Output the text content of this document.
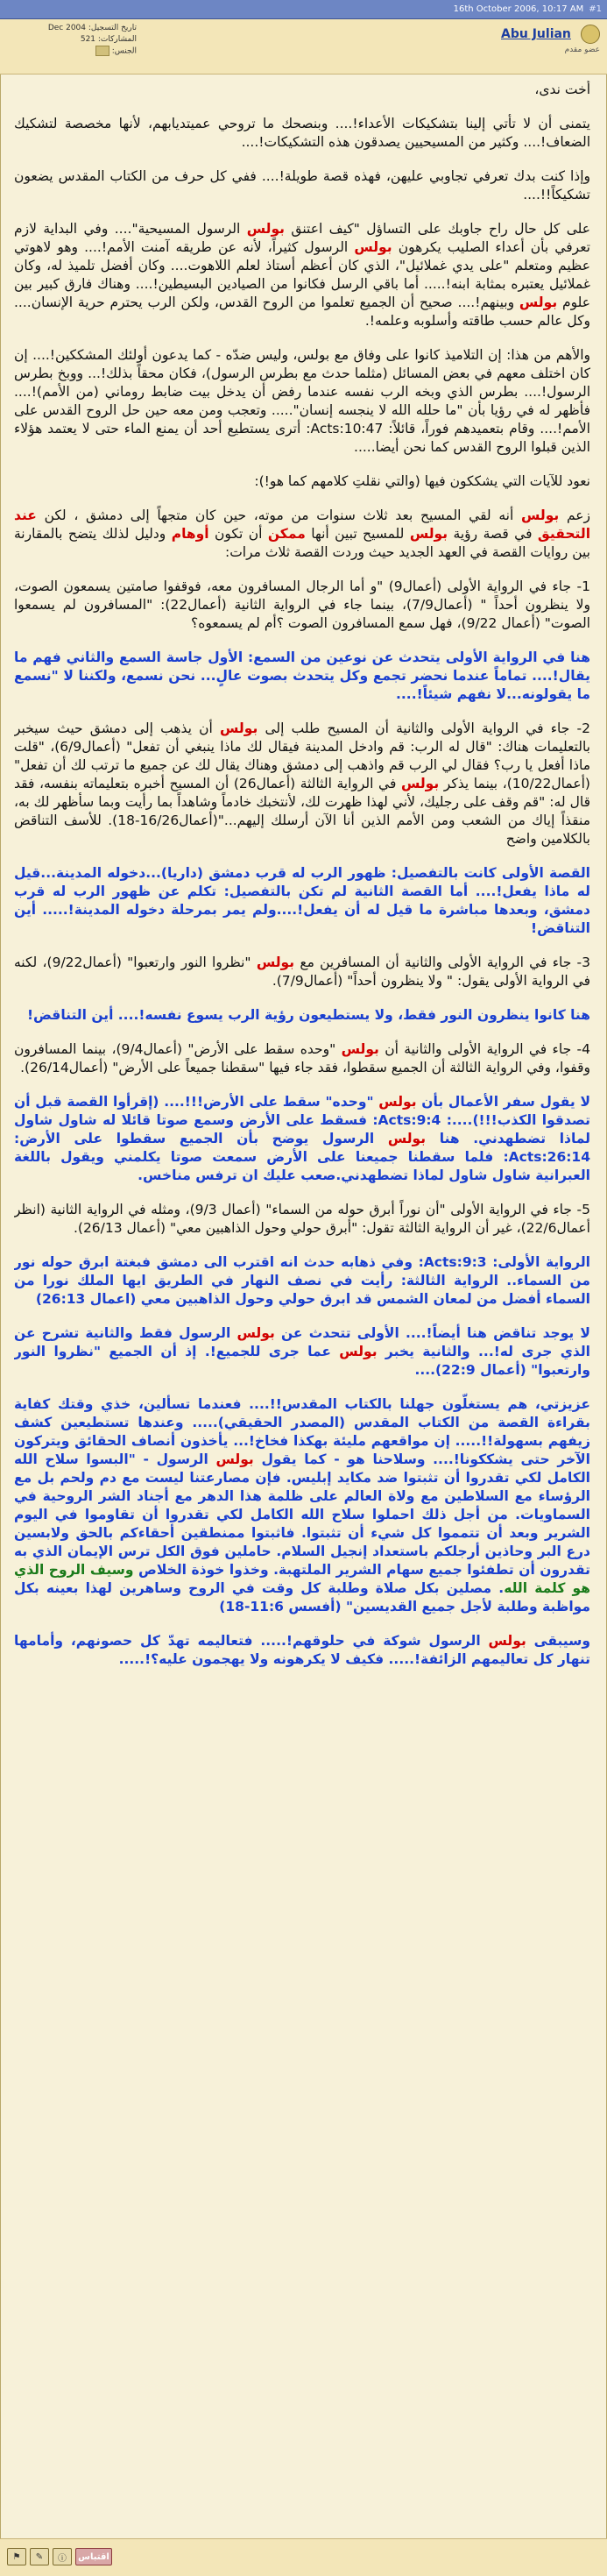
16th October 2006, 10:17 AM #1
تاريخ التسجيل: Dec 2004
المشاركات: 521
الجنس:
Abu Julian
عضو مقدم

أخت ندى،

يتمنى أن لا تأتي إلينا بتشكيكات الأعداء!.... وبنصحك ما تروحي عميتديابهم، لأنها مخصصة لتشكيك الضعاف!.... وكثير من المسيحيين يصدقون هذه التشكيكات!....

وإذا كنت بدك تعرفي تجاوبي عليهن، فهذه قصة طويلة!.... ففي كل حرف من الكتاب المقدس يضعون تشكيكاً!!....

على كل حال راح جاوبك على التساؤل "كيف اعتنق بولس الرسول المسيحية".... وفي البداية لازم تعرفي بأن أعداء الصليب يكرهون بولس الرسول كثيراً، لأنه عن طريقه آمنت الأمم!.... وهو لاهوتي عظيم ومتعلم "على يدي غملائيل"، الذي كان أعظم أستاذ لعلم اللاهوت.... وكان أفضل تلميذ له، وكان غملائيل يعتبره بمثابة ابنه!..... أما باقي الرسل فكانوا من الصيادين البسيطين!.... وهناك فارق كبير بين علوم بولس وبينهم!.... صحيح أن الجميع تعلموا من الروح القدس، ولكن الرب يحترم حرية الإنسان.... وكل عالم حسب طاقته وأسلوبه وعلمه!.

والأهم من هذا: إن التلاميذ كانوا على وفاق مع بولس، وليس ضدّه - كما يدعون أولئك المشككين!.... إن كان اختلف معهم في بعض المسائل (مثلما حدث مع بطرس الرسول)، فكان محقاً بذلك!... ووبخ بطرس الرسول!.... بطرس الذي وبخه الرب نفسه عندما رفض أن يدخل بيت ضابط روماني (من الأمم)!.... فأظهر له في رؤيا بأن "ما حلله الله لا ينجسه إنسان"..... وتعجب ومن معه حين حل الروح القدس على الأمم!.... وقام بتعميدهم فوراً، قائلاً: Acts:10:47: أترى يستطيع أحد أن يمنع الماء حتى لا يعتمد هؤلاء الذين قبلوا الروح القدس كما نحن أيضا.....

نعود للآيات التي يشككون فيها (والتي نقلتِ كلامهم كما هو!):

زعم بولس أنه لقي المسيح بعد ثلاث سنوات من موته، حين كان متجهاً إلى دمشق ، لكن عند التحقيق في قصة رؤية بولس للمسيح تبين أنها ممكن أن تكون أوهام ودليل لذلك يتضح بالمقارنة بين روايات القصة في العهد الجديد حيث وردت القصة ثلاث مرات:

1- جاء في الرواية الأولى (أعمال9) "و أما الرجال المسافرون معه، فوقفوا صامتين يسمعون الصوت، ولا ينظرون أحداً " (أعمال7/9)، بينما جاء في الرواية الثانية (أعمال22): "المسافرون لم يسمعوا الصوت" (أعمال 9/22)، فهل سمع المسافرون الصوت ؟أم لم يسمعوه؟

هنا في الرواية الأولى يتحدث عن نوعين من السمع: الأول جاسة السمع والثاني فهم ما يقال!.... تماماً عندما نحضر تجمع وكل يتحدث بصوت عالٍ... نحن نسمع، ولكننا لا "نسمع ما يقولونه...لا نفهم شيئاً!....

2- جاء في الرواية الأولى والثانية أن المسيح طلب إلى بولس أن يذهب إلى دمشق حيث سيخبر بالتعليمات هناك: "قال له الرب: قم وادخل المدينة فيقال لك ماذا ينبغي أن تفعل" (أعمال6/9)، "قلت ماذا أفعل يا رب؟ فقال لي الرب قم واذهب إلى دمشق وهناك يقال لك عن جميع ما ترتب لك أن تفعل" (أعمال10/22)، بينما يذكر بولس في الرواية الثالثة (أعمال26) أن المسيح أخبره بتعليماته بنفسه، فقد قال له: "قم وقف على رجليك، لأني لهذا ظهرت لك، لأنتخبك خادماً وشاهداً بما رأيت وبما سأظهر لك به، منقذاً إياك من الشعب ومن الأمم الذين أنا الآن أرسلك إليهم..."(أعمال16/26-18). للأسف التناقض بالكلامين واضح

القصة الأولى كانت بالتفصيل: ظهور الرب له قرب دمشق (داريا)...دخوله المدينة...قيل له ماذا يفعل!.... أما القصة الثانية لم تكن بالتفصيل: تكلم عن ظهور الرب له قرب دمشق، وبعدها مباشرة ما قيل له أن يفعل!....ولم يمر بمرحلة دخوله المدينة!..... أين التناقض!

3- جاء في الرواية الأولى والثانية أن المسافرين مع بولس "نظروا النور وارتعبوا" (أعمال9/22)، لكنه في الرواية الأولى يقول: " ولا ينظرون أحداً" (أعمال7/9).

هنا كانوا ينظرون النور فقط، ولا يستطيعون رؤية الرب يسوع نفسه!.... أين التناقض!

4- جاء في الرواية الأولى والثانية أن بولس "وحده سقط على الأرض" (أعمال9/4)، بينما المسافرون وقفوا، وفي الرواية الثالثة أن الجميع سقطوا، فقد جاء فيها "سقطنا جميعاً على الأرض" (أعمال26/14).

لا يقول سفر الأعمال بأن بولس "وحده" سقط على الأرض!!!.... (إقرأوا القصة قبل أن تصدقوا الكذب!!!)....: Acts:9:4: فسقط على الأرض وسمع صوتا قائلا له شاول شاول لماذا تضطهدني. هنا بولس الرسول يوضح بأن الجميع سقطوا على الأرض: Acts:26:14: فلما سقطنا جميعنا على الأرض سمعت صوتا يكلمني ويقول باللغة العبرانية شاول شاول لماذا تضطهدني.صعب عليك ان ترفس مناخس.

5- جاء في الرواية الأولى "أن نوراً أبرق حوله من السماء" (أعمال 9/3)، ومثله في الرواية الثانية (انظر أعمال22/6)، غير أن الرواية الثالثة تقول: "أبرق حولي وحول الذاهبين معي" (أعمال 26/13).

الرواية الأولى: Acts:9:3: وفي ذهابه حدث انه اقترب الى دمشق فبغتة ابرق حوله نور من السماء.. الرواية الثالثة: رأيت في نصف النهار في الطريق ايها الملك نورا من السماء أفضل من لمعان الشمس قد ابرق حولي وحول الذاهبين معي (اعمال 26:13)

لا يوجد تناقض هنا أيضاً!.... الأولى تتحدث عن بولس الرسول فقط والثانية تشرح عن الذي جرى له!... والثانية يخبر بولس عما جرى للجميع!. إذ أن الجميع "نظروا النور وارتعبوا" (أعمال 22:9)....

عزيزتي، هم يستغلّون جهلنا بالكتاب المقدس!!.... فعندما تسألين، خذي وقتك كفاية بقراءة القصة من الكتاب المقدس (المصدر الحقيقي)..... وعندها تستطيعين كشف زيفهم بسهولة!!..... إن مواقعهم مليئة بهكذا فخاخ!... يأخذون أنصاف الحقائق ويتركون الآخر حتى يشككونا!.... وسلاحنا هو - كما يقول بولس الرسول - "البسوا سلاح الله الكامل لكي تقدروا أن تثبتوا ضد مكايد إبليس. فإن مصارعتنا ليست مع دم ولحم بل مع الرؤساء مع السلاطين مع ولاة العالم على ظلمة هذا الدهر مع أجناد الشر الروحية في السماويات. من أجل ذلك احملوا سلاح الله الكامل لكي تقدروا أن تقاوموا في اليوم الشرير وبعد أن تتمموا كل شيء أن تثبتوا. فاثبتوا ممنطقين أحقاءكم بالحق ولابسين درع البر وحاذين أرجلكم باستعداد إنجيل السلام. حاملين فوق الكل ترس الإيمان الذي به تقدرون أن تطفئوا جميع سهام الشرير الملتهبة. وخذوا خوذة الخلاص وسيف الروح الذي هو كلمة الله. مصلين بكل صلاة وطلبة كل وقت في الروح وساهرين لهذا بعينه بكل مواظبة وطلبة لأجل جميع القديسين" (أفسس 11:6-18)

وسيبقى بولس الرسول شوكة في حلوقهم!..... فتعاليمه تهدّ كل حصونهم، وأمامها تنهار كل تعاليمهم الزائفة!..... فكيف لا يكرهونه ولا يهجمون عليه؟!.....

⚑	✎	ⓘ	اقتباس
